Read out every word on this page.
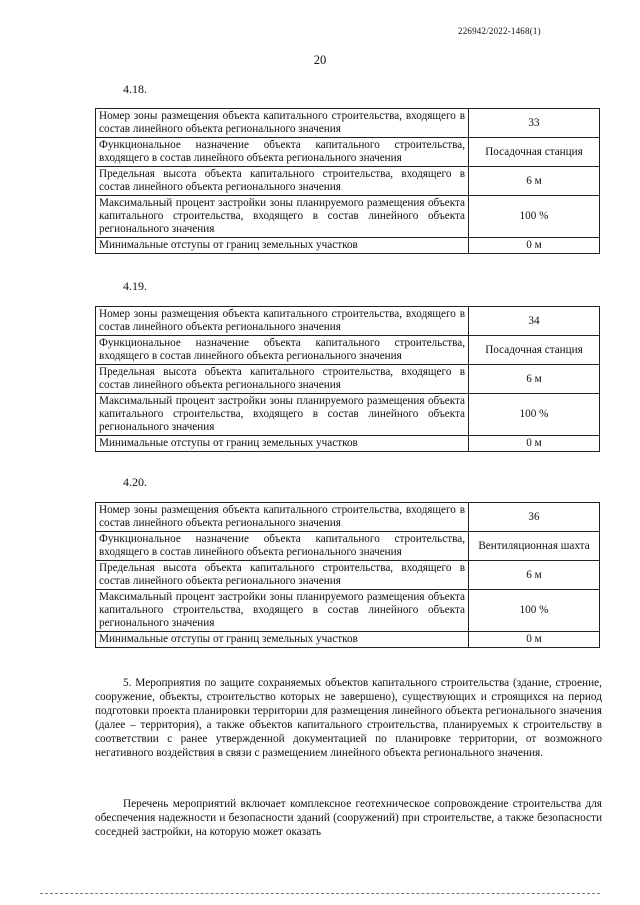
226942/2022-1468(1)
20
4.18.
Номер зоны размещения объекта капитального строительства, входящего в состав линейного объекта регионального значения	33
Функциональное назначение объекта капитального строительства, входящего в состав линейного объекта регионального значения	Посадочная станция
Предельная высота объекта капитального строительства, входящего в состав линейного объекта регионального значения	6 м
Максимальный процент застройки зоны планируемого размещения объекта капитального строительства, входящего в состав линейного объекта регионального значения	100 %
Минимальные отступы от границ земельных участков	0 м
4.19.
Номер зоны размещения объекта капитального строительства, входящего в состав линейного объекта регионального значения	34
Функциональное назначение объекта капитального строительства, входящего в состав линейного объекта регионального значения	Посадочная станция
Предельная высота объекта капитального строительства, входящего в состав линейного объекта регионального значения	6 м
Максимальный процент застройки зоны планируемого размещения объекта капитального строительства, входящего в состав линейного объекта регионального значения	100 %
Минимальные отступы от границ земельных участков	0 м
4.20.
Номер зоны размещения объекта капитального строительства, входящего в состав линейного объекта регионального значения	36
Функциональное назначение объекта капитального строительства, входящего в состав линейного объекта регионального значения	Вентиляционная шахта
Предельная высота объекта капитального строительства, входящего в состав линейного объекта регионального значения	6 м
Максимальный процент застройки зоны планируемого размещения объекта капитального строительства, входящего в состав линейного объекта регионального значения	100 %
Минимальные отступы от границ земельных участков	0 м

5. Мероприятия по защите сохраняемых объектов капитального строительства (здание, строение, сооружение, объекты, строительство которых не завершено), существующих и строящихся на период подготовки проекта планировки территории для размещения линейного объекта регионального значения (далее – территория), а также объектов капитального строительства, планируемых к строительству в соответствии с ранее утвержденной документацией по планировке территории, от возможного негативного воздействия в связи с размещением линейного объекта регионального значения.

Перечень мероприятий включает комплексное геотехническое сопровождение строительства для обеспечения надежности и безопасности зданий (сооружений) при строительстве, а также безопасности соседней застройки, на которую может оказать
